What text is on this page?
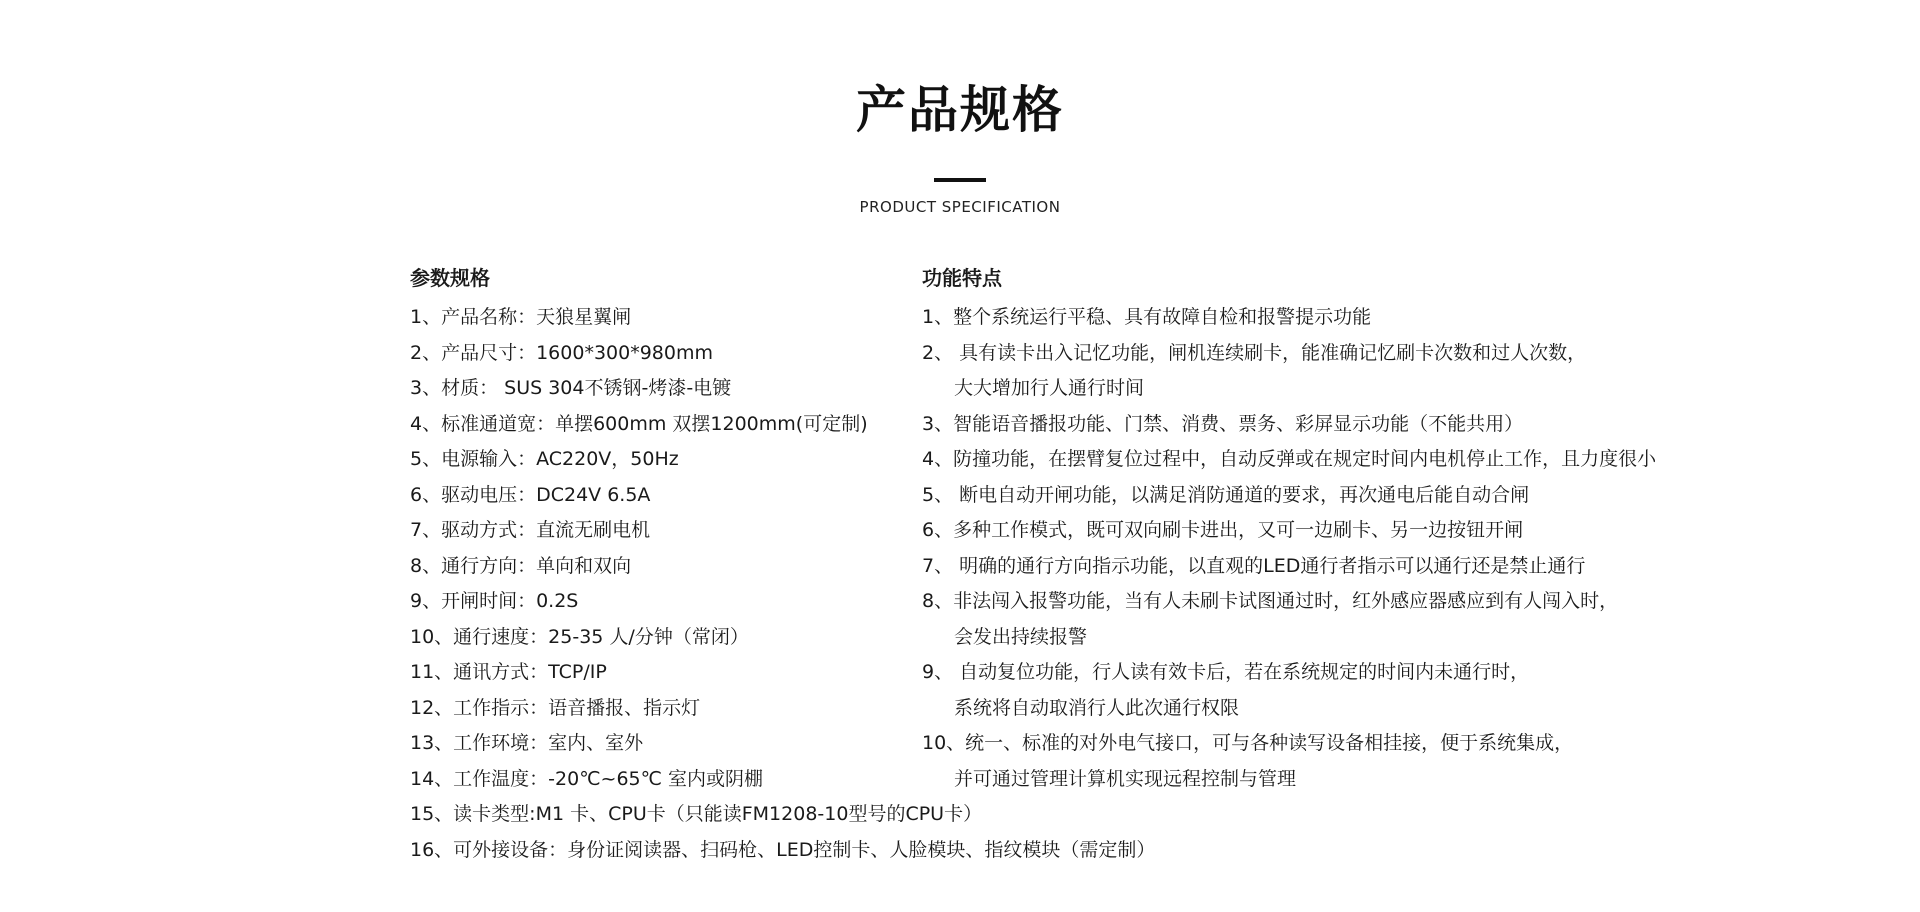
产品规格
PRODUCT SPECIFICATION
参数规格
1、产品名称：天狼星翼闸
2、产品尺寸：1600*300*980mm
3、材质： SUS 304不锈钢-烤漆-电镀
4、标准通道宽：单摆600mm 双摆1200mm(可定制)
5、电源输入：AC220V，50Hz
6、驱动电压：DC24V 6.5A
7、驱动方式：直流无刷电机
8、通行方向：单向和双向
9、开闸时间：0.2S
10、通行速度：25-35 人/分钟（常闭）
11、通讯方式：TCP/IP
12、工作指示：语音播报、指示灯
13、工作环境：室内、室外
14、工作温度：-20℃~65℃ 室内或阴棚
15、读卡类型:M1 卡、CPU卡（只能读FM1208-10型号的CPU卡）
16、可外接设备：身份证阅读器、扫码枪、LED控制卡、人脸模块、指纹模块（需定制）
功能特点
1、整个系统运行平稳、具有故障自检和报警提示功能
2、 具有读卡出入记忆功能，闸机连续刷卡，能准确记忆刷卡次数和过人次数，
大大增加行人通行时间
3、智能语音播报功能、门禁、消费、票务、彩屏显示功能（不能共用）
4、防撞功能，在摆臂复位过程中，自动反弹或在规定时间内电机停止工作，且力度很小
5、 断电自动开闸功能，以满足消防通道的要求，再次通电后能自动合闸
6、多种工作模式，既可双向刷卡进出，又可一边刷卡、另一边按钮开闸
7、 明确的通行方向指示功能，以直观的LED通行者指示可以通行还是禁止通行
8、非法闯入报警功能，当有人未刷卡试图通过时，红外感应器感应到有人闯入时，
会发出持续报警
9、 自动复位功能，行人读有效卡后，若在系统规定的时间内未通行时，
系统将自动取消行人此次通行权限
10、统一、标准的对外电气接口，可与各种读写设备相挂接，便于系统集成，
并可通过管理计算机实现远程控制与管理
